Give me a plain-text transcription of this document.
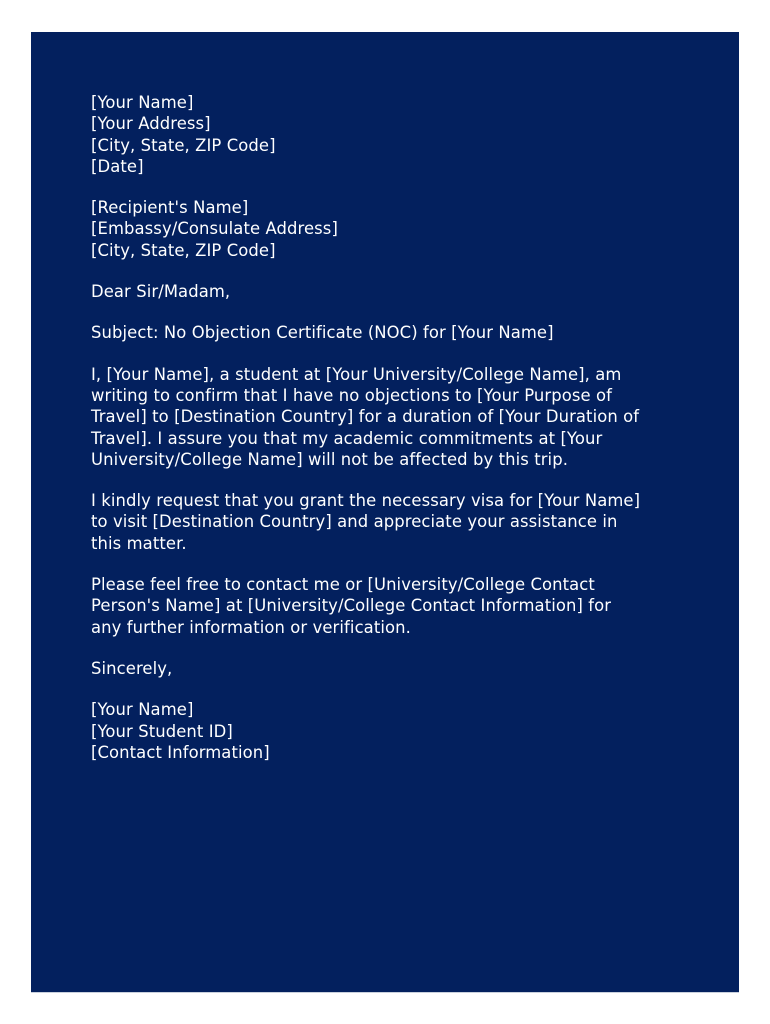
[Your Name]
[Your Address]
[City, State, ZIP Code]
[Date]
[Recipient's Name]
[Embassy/Consulate Address]
[City, State, ZIP Code]
Dear Sir/Madam,
Subject: No Objection Certificate (NOC) for [Your Name]
I, [Your Name], a student at [Your University/College Name], am
writing to confirm that I have no objections to [Your Purpose of
Travel] to [Destination Country] for a duration of [Your Duration of
Travel]. I assure you that my academic commitments at [Your
University/College Name] will not be affected by this trip.
I kindly request that you grant the necessary visa for [Your Name]
to visit [Destination Country] and appreciate your assistance in
this matter.
Please feel free to contact me or [University/College Contact
Person's Name] at [University/College Contact Information] for
any further information or verification.
Sincerely,
[Your Name]
[Your Student ID]
[Contact Information]
